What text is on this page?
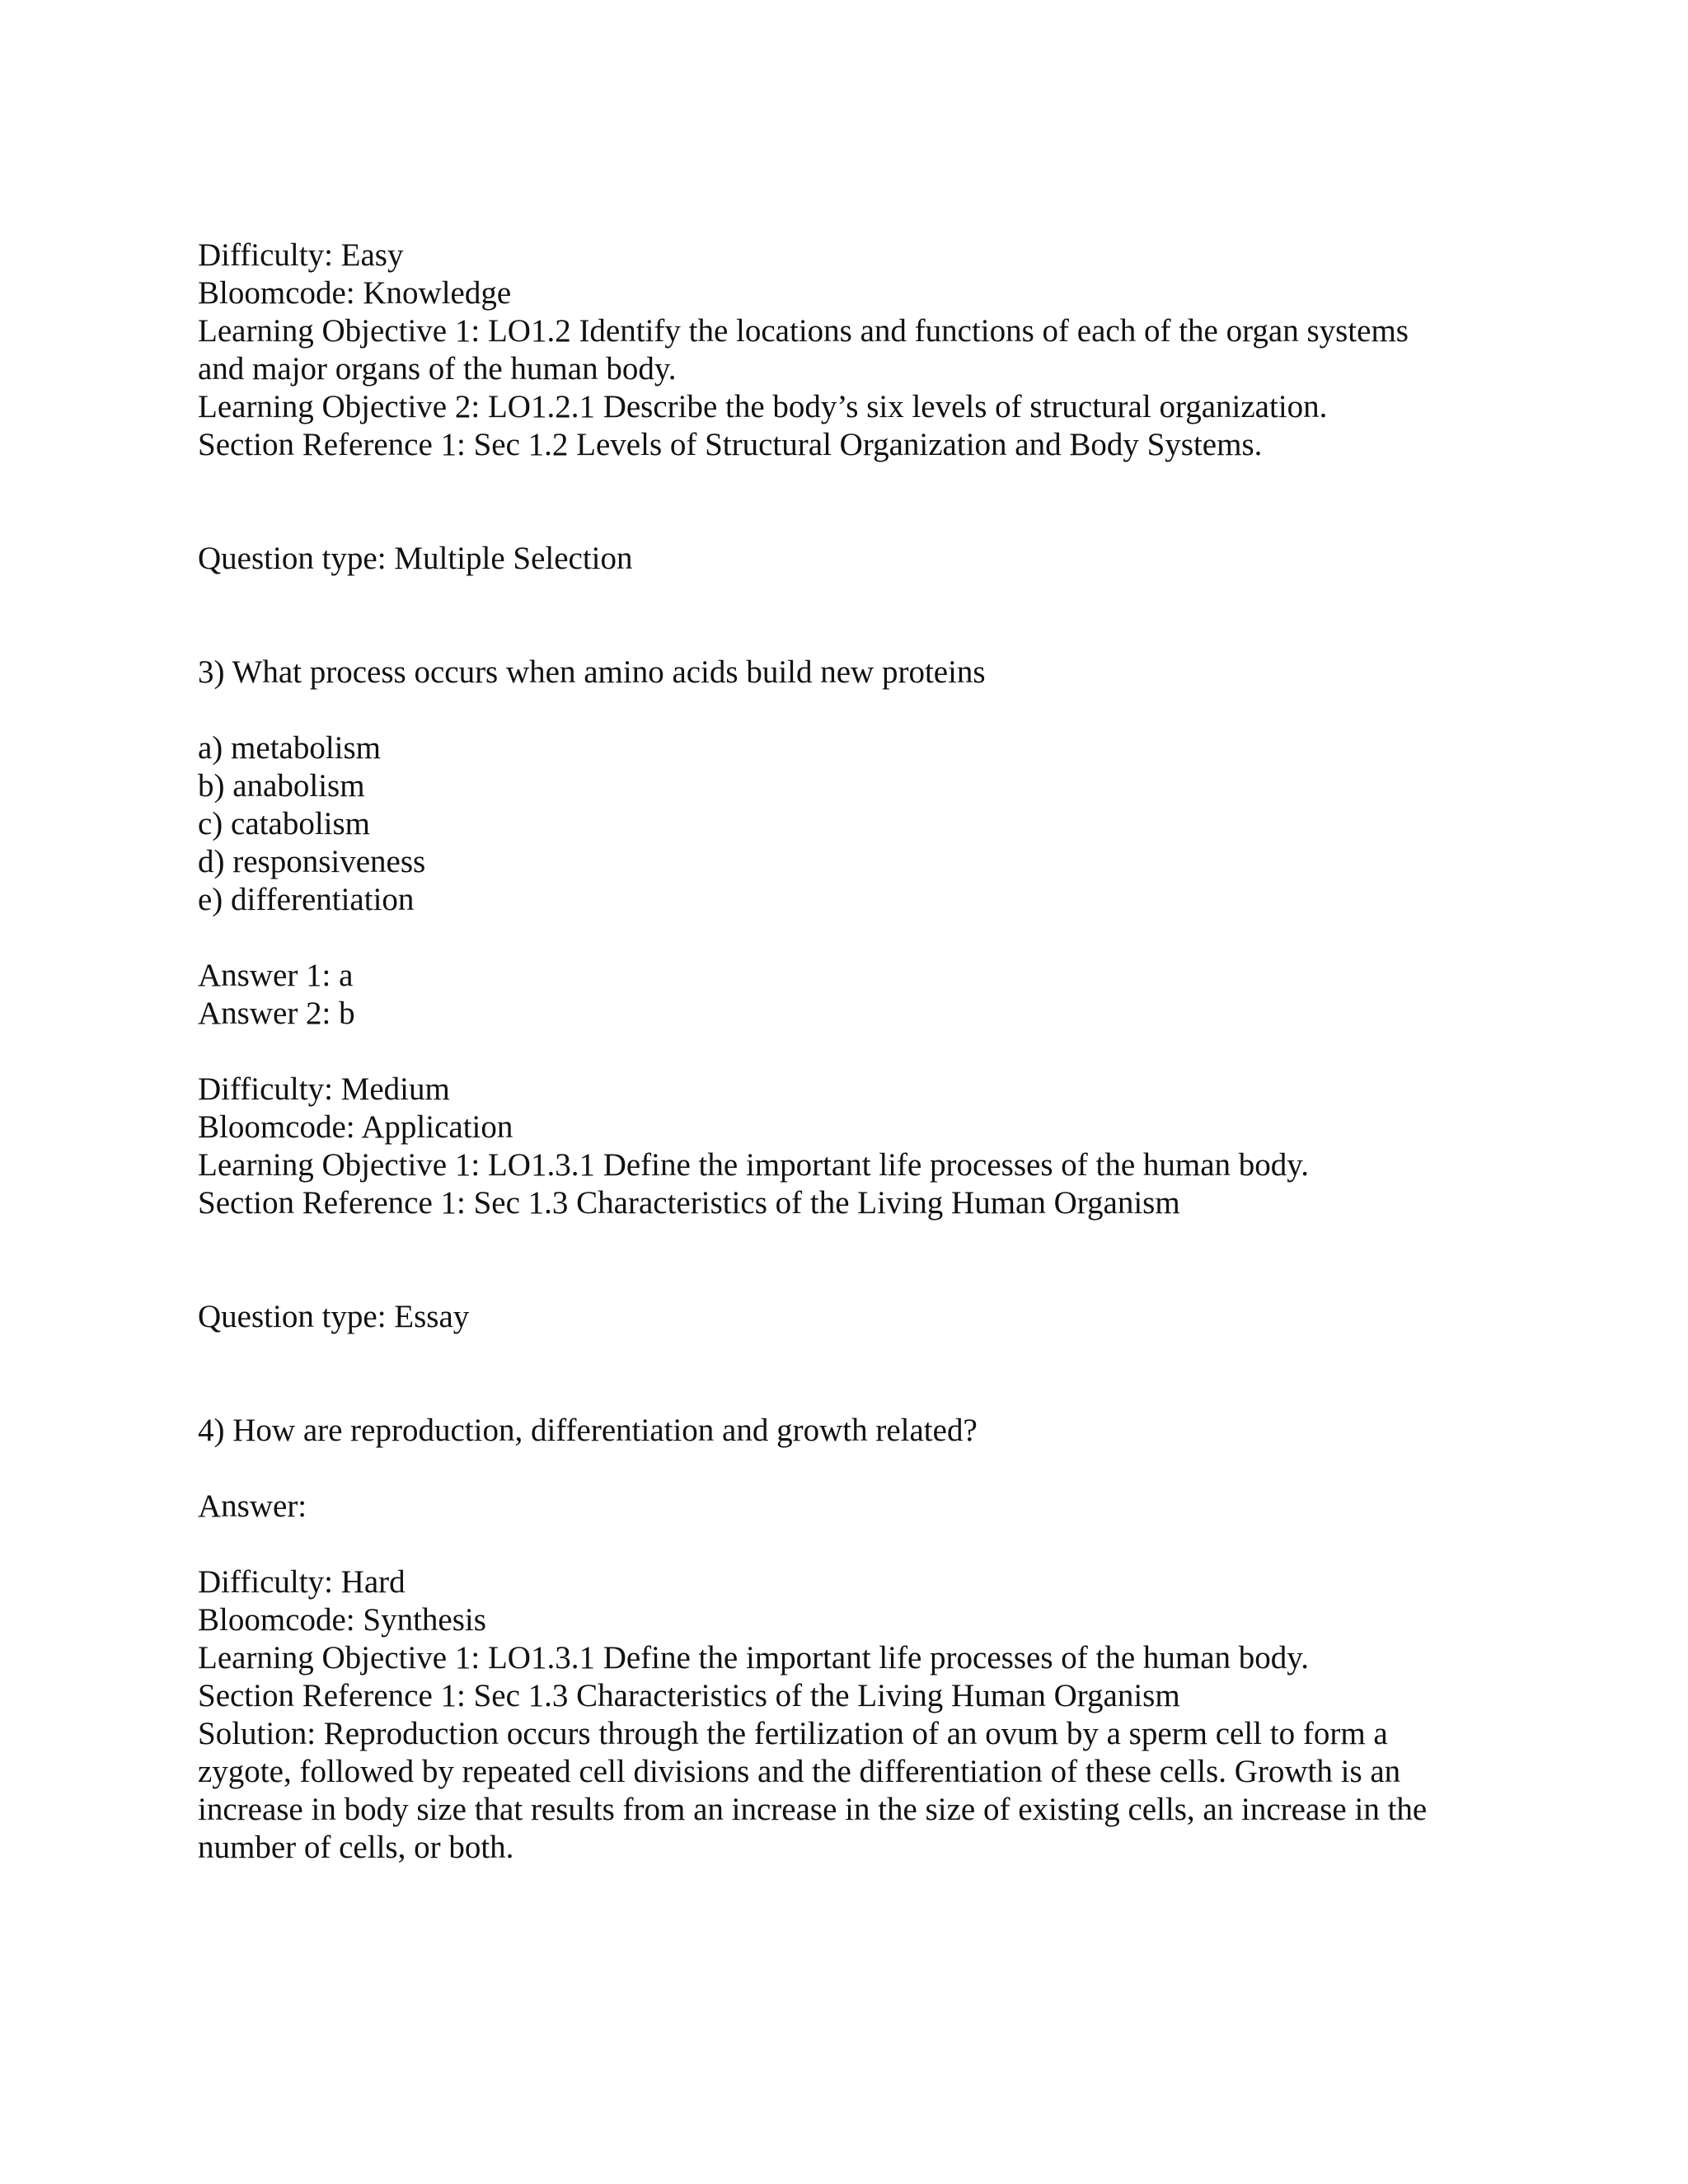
Difficulty: Easy
Bloomcode: Knowledge
Learning Objective 1: LO1.2 Identify the locations and functions of each of the organ systems
and major organs of the human body.
Learning Objective 2: LO1.2.1 Describe the body’s six levels of structural organization.
Section Reference 1: Sec 1.2 Levels of Structural Organization and Body Systems.
Question type: Multiple Selection
3) What process occurs when amino acids build new proteins
a) metabolism
b) anabolism
c) catabolism
d) responsiveness
e) differentiation
Answer 1: a
Answer 2: b
Difficulty: Medium
Bloomcode: Application
Learning Objective 1: LO1.3.1 Define the important life processes of the human body.
Section Reference 1: Sec 1.3 Characteristics of the Living Human Organism
Question type: Essay
4) How are reproduction, differentiation and growth related?
Answer:
Difficulty: Hard
Bloomcode: Synthesis
Learning Objective 1: LO1.3.1 Define the important life processes of the human body.
Section Reference 1: Sec 1.3 Characteristics of the Living Human Organism
Solution: Reproduction occurs through the fertilization of an ovum by a sperm cell to form a zygote, followed by repeated cell divisions and the differentiation of these cells. Growth is an increase in body size that results from an increase in the size of existing cells, an increase in the number of cells, or both.
